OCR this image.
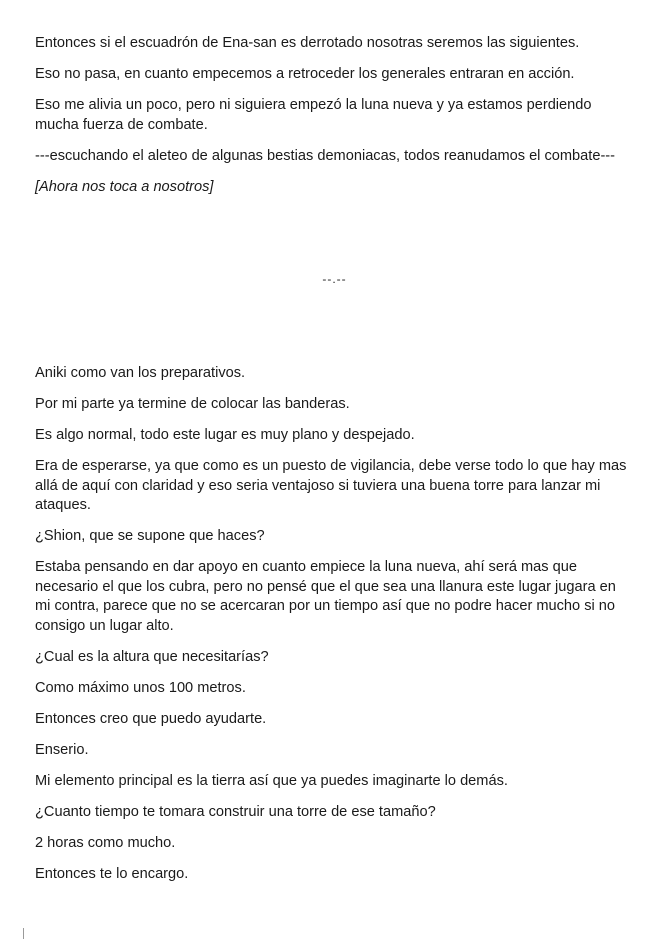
Entonces si el escuadrón de Ena-san es derrotado nosotras seremos las siguientes.

Eso no pasa, en cuanto empecemos a retroceder los generales entraran en acción.

Eso me alivia un poco, pero ni siguiera empezó la luna nueva y ya estamos perdiendo mucha fuerza de combate.

---escuchando el aleteo de algunas bestias demoniacas, todos reanudamos el combate---

[Ahora nos toca a nosotros]

--.--

Aniki como van los preparativos.

Por mi parte ya termine de colocar las banderas.

Es algo normal, todo este lugar es muy plano y despejado.

Era de esperarse, ya que como es un puesto de vigilancia, debe verse todo lo que hay mas allá de aquí con claridad y eso seria ventajoso si tuviera una buena torre para lanzar mi ataques.

¿Shion, que se supone que haces?

Estaba pensando en dar apoyo en cuanto empiece la luna nueva, ahí será mas que necesario el que los cubra, pero no pensé que el que sea una llanura este lugar jugara en mi contra, parece que no se acercaran por un tiempo así que no podre hacer mucho si no consigo un lugar alto.

¿Cual es la altura que necesitarías?

Como máximo unos 100 metros.

Entonces creo que puedo ayudarte.

Enserio.

Mi elemento principal es la tierra así que ya puedes imaginarte lo demás.

¿Cuanto tiempo te tomara construir una torre de ese tamaño?

2 horas como mucho.

Entonces te lo encargo.
